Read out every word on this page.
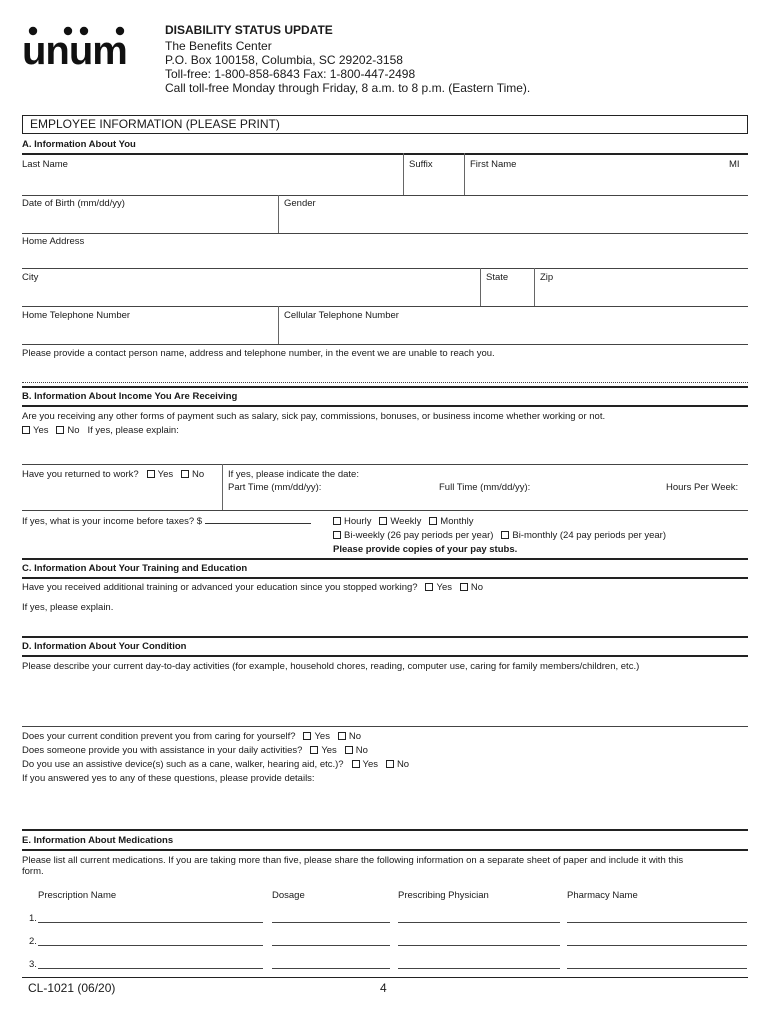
unum	DISABILITY STATUS UPDATE
The Benefits Center
P.O. Box 100158, Columbia, SC 29202-3158
Toll-free: 1-800-858-6843 Fax: 1-800-447-2498
Call toll-free Monday through Friday, 8 a.m. to 8 p.m. (Eastern Time).
EMPLOYEE INFORMATION (PLEASE PRINT)
A. Information About You
Last Name	Suffix	First Name	MI
Date of Birth (mm/dd/yy)	Gender
Home Address
City	State	Zip
Home Telephone Number	Cellular Telephone Number
Please provide a contact person name, address and telephone number, in the event we are unable to reach you.
B. Information About Income You Are Receiving
Are you receiving any other forms of payment such as salary, sick pay, commissions, bonuses, or business income whether working or not.
Yes No If yes, please explain:
Have you returned to work? Yes No	If yes, please indicate the date:
Part Time (mm/dd/yy):	Full Time (mm/dd/yy):	Hours Per Week:
If yes, what is your income before taxes? $	Hourly Weekly Monthly
Bi-weekly (26 pay periods per year) Bi-monthly (24 pay periods per year)
Please provide copies of your pay stubs.
C. Information About Your Training and Education
Have you received additional training or advanced your education since you stopped working? Yes No
If yes, please explain.
D. Information About Your Condition
Please describe your current day-to-day activities (for example, household chores, reading, computer use, caring for family members/children, etc.)
Does your current condition prevent you from caring for yourself? Yes No
Does someone provide you with assistance in your daily activities? Yes No
Do you use an assistive device(s) such as a cane, walker, hearing aid, etc.)? Yes No
If you answered yes to any of these questions, please provide details:
E. Information About Medications
Please list all current medications. If you are taking more than five, please share the following information on a separate sheet of paper and include it with this
form.
Prescription Name	Dosage	Prescribing Physician	Pharmacy Name
1.
2.
3.
CL-1021 (06/20)	4
